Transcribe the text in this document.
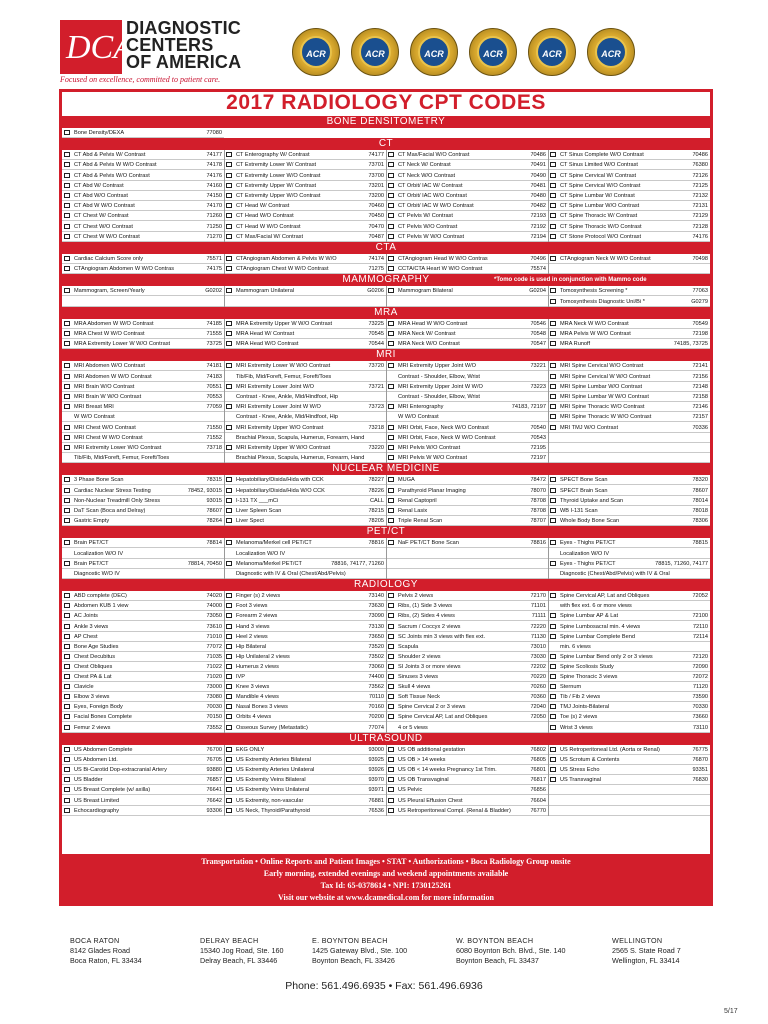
DCA
DIAGNOSTIC
CENTERS
OF AMERICA
Focused on excellence, committed to patient care.
ACR	ACR	ACR	ACR	ACR	ACR
2017 RADIOLOGY CPT CODES
BONE DENSITOMETRY
Bone Density/DEXA	77080
CT
CT Abd & Pelvis W/ Contrast	74177	CT Enterography W/ Contrast	74177	CT Max/Facial W/O Contrast	70486	CT Sinus Complete W/O Contrast	70486
CT Abd & Pelvis W W/O Contrast	74178	CT Extremity Lower W/ Contrast	73701	CT Neck W/ Contrast	70491	CT Sinus Limited W/O Contrast	76380
CT Abd & Pelvis W/O Contrast	74176	CT Extremity Lower W/O Contrast	73700	CT Neck W/O Contrast	70490	CT Spine Cervical W/ Contrast	72126
CT Abd W/ Contrast	74160	CT Extremity Upper W/ Contrast	73201	CT Orbit/ IAC W/ Contrast	70481	CT Spine Cervical W/O Contrast	72125
CT Abd W/O Contrast	74150	CT Extremity Upper W/O Contrast	73200	CT Orbit/ IAC W/O Contrast	70480	CT Spine Lumbar W/ Contrast	72132
CT Abd W W/O Contrast	74170	CT Head W/ Contrast	70460	CT Orbit/ IAC W W/O Contrast	70482	CT Spine Lumbar W/O Contrast	72131
CT Chest W/ Contrast	71260	CT Head W/O Contrast	70450	CT Pelvis W/ Contrast	72193	CT Spine Thoracic W/ Contrast	72129
CT Chest W/O Contrast	71250	CT Head W W/O Contrast	70470	CT Pelvis W/O Contrast	72192	CT Spine Thoracic W/O Contrast	72128
CT Chest W W/O Contrast	71270	CT Max/Facial W/ Contrast	70487	CT Pelvis W W/O Contrast	72194	CT Stone Protocol W/O Contrast	74176
CTA
Cardiac Calcium Score only	75571	CTAngiogram Abdomen & Pelvis W W/O	74174	CTAngiogram Head W W/O Contras	70496	CTAngiogram Neck W W/O Contrast	70498
CTAngiogram Abdomen W W/O Contras	74175	CTAngiogram Chest W W/O Contrast	71275	CCTA/CTA Heart W W/O Contrast	75574
MAMMOGRAPHY	*Tomo code is used in conjunction with Mammo code
Mammogram, Screen/Yearly	G0202	Mammogram Unilateral	G0206	Mammogram Bilateral	G0204	Tomosynthesis Screening *	77063
Tomosynthesis Diagnostic Uni/Bi *	G0279
MRA
MRA Abdomen W W/O Contrast	74185	MRA Extremity Upper W W/O Contrast	73225	MRA Head W W/O Contrast	70546	MRA Neck W W/O Contrast	70549
MRA Chest W W/O Contrast	71555	MRA Head W/ Contrast	70545	MRA Neck W/ Contrast	70548	MRA Pelvis W W/O Contrast	72198
MRA Extremity Lower W W/O Contrast	73725	MRA Head W/O Contrast	70544	MRA Neck W/O Contrast	70547	MRA Runoff	74185, 73725
MRI
MRI Abdomen W/O Contrast	74181	MRI Extremity Lower W W/O Contrast	73720	MRI Extremity Upper Joint W/O	73221	MRI Spine Cervical W/O Contrast	72141
MRI Abdomen W W/O Contrast	74183	Tib/Fib, Mid/Foreft, Femur, Foreft/Toes	Contrast - Shoulder, Elbow, Wrist	MRI Spine Cervical W W/O Contrast	72156
MRI Brain W/O Contrast	70551	MRI Extremity Lower Joint W/O	73721	MRI Extremity Upper Joint W W/O	73223	MRI Spine Lumbar W/O Contrast	72148
MRI Brain W W/O Contrast	70553	Contrast - Knee, Ankle, Mid/Hindfoot, Hip	Contrast - Shoulder, Elbow, Wrist	MRI Spine Lumbar W W/O Contrast	72158
MRI Breast MRI	77059	MRI Extremity Lower Joint W W/O	73723	MRI Enterography	74183, 72197	MRI Spine Thoracic W/O Contrast	72146
W W/O Contrast	Contrast - Knee, Ankle, Mid/Hindfoot, Hip	W W/O Contrast	MRI Spine Thoracic W W/O Contrast	72157
MRI Chest W/O Contrast	71550	MRI Extremity Upper W/O Contrast	73218	MRI Orbit, Face, Neck W/O Contrast	70540	MRI TMJ W/O Contrast	70336
MRI Chest W W/O Contrast	71552	Brachial Plexus, Scapula, Humerus, Forearm, Hand	MRI Orbit, Face, Neck W W/O Contrast	70543
MRI Extremity Lower W/O Contrast	73718	MRI Extremity Upper W W/O Contrast	73220	MRI Pelvis W/O Contrast	72195
Tib/Fib, Mid/Foreft, Femur, Foreft/Toes	Brachial Plexus, Scapula, Humerus, Forearm, Hand	MRI Pelvis W W/O Contrast	72197
NUCLEAR MEDICINE
3 Phase Bone Scan	78315	Hepatobiliary/Disida/Hida with CCK	78227	MUGA	78472	SPECT Bone Scan	78320
Cardiac Nuclear Stress Testing	78452, 93015	Hepatobiliary/Disida/Hida W/O CCK	78226	Parathyroid Planar Imaging	78070	SPECT Brain Scan	78607
Non-Nuclear Treadmill Only Stress	93015	I-131 TX ___mCi	CALL	Renal Captopril	78708	Thyroid Uptake and Scan	78014
DaT Scan (Boca and Delray)	78607	Liver Spleen Scan	78215	Renal Lasix	78708	WB I-131 Scan	78018
Gastric Empty	78264	Liver Spect	78205	Triple Renal Scan	78707	Whole Body Bone Scan	78306
PET/CT
Brain PET/CT	78814	Melanoma/Merkel cell PET/CT	78816	NaF PET/CT Bone Scan	78816	Eyes - Thighs PET/CT	78815
Localization W/O IV	Localization W/O IV	Localization W/O IV
Brain PET/CT	78814, 70450	Melanoma/Merkel PET/CT	78816, 74177, 71260	Eyes - Thighs PET/CT	78815, 71260, 74177
Diagnostic W/O IV	Diagnostic with IV & Oral (Chest/Abd/Pelvis)	Diagnostic (Chest/Abd/Pelvis) with IV & Oral
RADIOLOGY
ABD complete (DEC)	74020	Finger (s) 2 views	73140	Pelvis 2 views	72170	Spine Cervical AP, Lat and Obliques	72052
Abdomen KUB 1 view	74000	Foot 3 views	73630	Ribs, (1) Side 3 views	71101	with flex ext. 6 or more views
AC Joints	73050	Forearm 2 views	73090	Ribs, (2) Sides 4 views	71111	Spine Lumbar AP & Lat	72100
Ankle 3 views	73610	Hand 3 views	73130	Sacrum / Coccyx 2 views	72220	Spine Lumbosacral min. 4 views	72110
AP Chest	71010	Heel 2 views	73650	SC Joints min 3 views with flex ext.	71130	Spine Lumbar Complete Bend	72114
Bone Age Studies	77072	Hip Bilateral	73520	Scapula	73010	min. 6 views
Chest Decubitus	71035	Hip Unilateral 2 views	73502	Shoulder 2 views	73030	Spine Lumbar Bend only 2 or 3 views	72120
Chest Obliques	71022	Humerus 2 views	73060	SI Joints 3 or more views	72202	Spine Scoliosis Study	72090
Chest PA & Lat	71020	IVP	74400	Sinuses 3 views	70220	Spine Thoracic 3 views	72072
Clavicle	73000	Knee 3 views	73562	Skull 4 views	70260	Sternum	71120
Elbow 3 views	73080	Mandible 4 views	70110	Soft Tissue Neck	70360	Tib / Fib 2 views	73590
Eyes, Foreign Body	70030	Nasal Bones 3 views	70160	Spine Cervical 2 or 3 views	72040	TMJ Joints-Bilateral	70330
Facial Bones Complete	70150	Orbits 4 views	70200	Spine Cervical AP, Lat and Obliques	72050	Toe (s) 2 views	73660
Femur 2 views	73552	Osseous Survey (Metastatic)	77074	4 or 5 views	Wrist 3 views	73110
ULTRASOUND
US Abdomen Complete	76700	EKG ONLY	93000	US OB additional gestation	76802	US Retroperitoneal Ltd. (Aorta or Renal)	76775
US Abdomen Ltd.	76705	US Extremity Arteries Bilateral	93925	US OB > 14 weeks	76805	US Scrotum & Contents	76870
US Bi-Carotid Dop-extracranial Artery	93880	US Extremity Arteries Unilateral	93926	US OB < 14 weeks Pregnancy 1st Trim.	76801	US Stress Echo	93351
US Bladder	76857	US Extremity Veins Bilateral	93970	US OB Transvaginal	76817	US Transvaginal	76830
US Breast Complete (w/ axilla)	76641	US Extremity Veins Unilateral	93971	US Pelvic	76856
US Breast Limited	76642	US Extremity, non-vascular	76881	US Pleural Effusion Chest	76604
Echocardiography	93306	US Neck, Thyroid/Parathyroid	76536	US Retroperitoneal Compl. (Renal & Bladder)	76770
Transportation • Online Reports and Patient Images • STAT • Authorizations • Boca Radiology Group onsite
Early morning, extended evenings and weekend appointments available
Tax Id: 65-0378614 • NPI: 1730125261
Visit our website at www.dcamedical.com for more information
BOCA RATON
8142 Glades Road
Boca Raton, FL 33434
DELRAY BEACH
15340 Jog Road, Ste. 160
Delray Beach, FL 33446
E. BOYNTON BEACH
1425 Gateway Blvd., Ste. 100
Boynton Beach, FL 33426
W. BOYNTON BEACH
6080 Boynton Bch. Blvd., Ste. 140
Boynton Beach, FL 33437
WELLINGTON
2565 S. State Road 7
Wellington, FL 33414
Phone: 561.496.6935 • Fax: 561.496.6936
5/17
